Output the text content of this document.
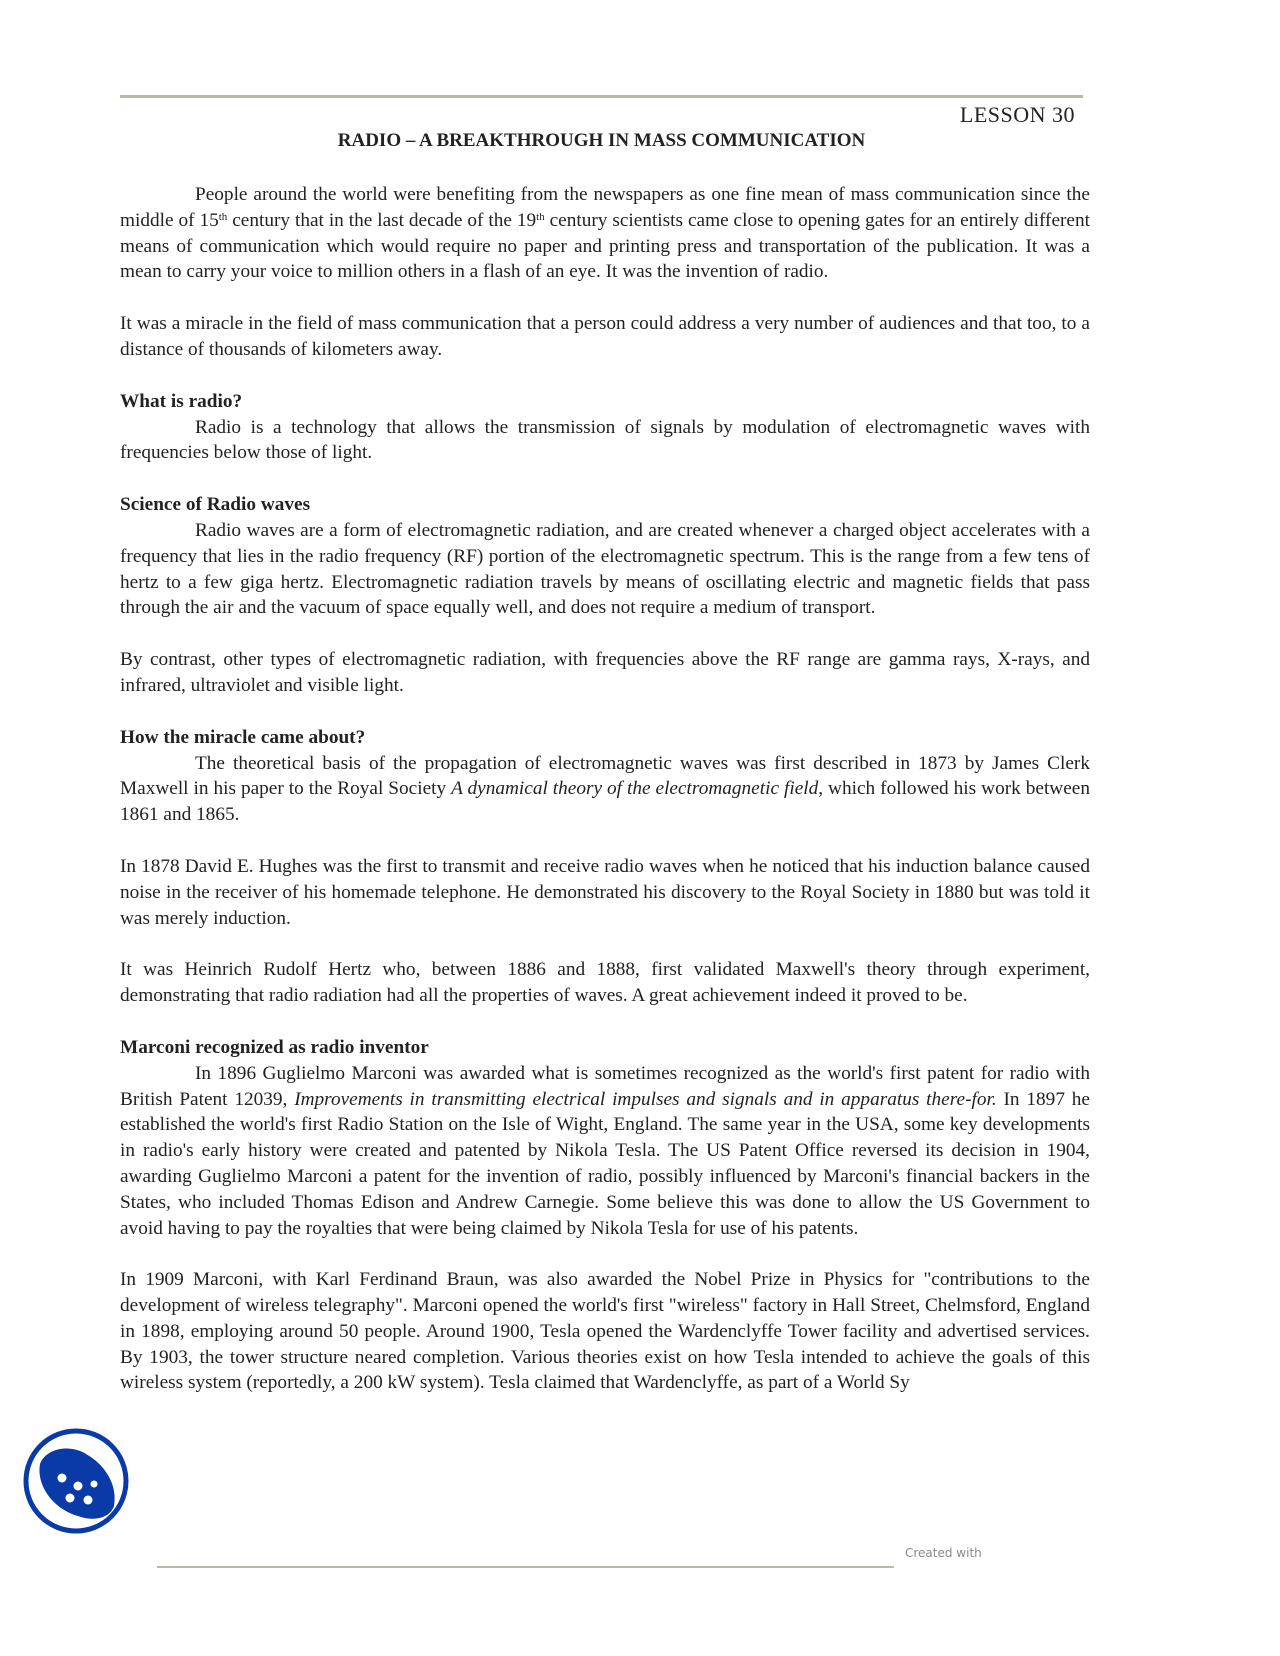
LESSON 30
RADIO – A BREAKTHROUGH IN MASS COMMUNICATION

People around the world were benefiting from the newspapers as one fine mean of mass communication since the middle of 15th century that in the last decade of the 19th century scientists came close to opening gates for an entirely different means of communication which would require no paper and printing press and transportation of the publication. It was a mean to carry your voice to million others in a flash of an eye. It was the invention of radio.

It was a miracle in the field of mass communication that a person could address a very number of audiences and that too, to a distance of thousands of kilometers away.

What is radio?

Radio is a technology that allows the transmission of signals by modulation of electromagnetic waves with frequencies below those of light.

Science of Radio waves

Radio waves are a form of electromagnetic radiation, and are created whenever a charged object accelerates with a frequency that lies in the radio frequency (RF) portion of the electromagnetic spectrum. This is the range from a few tens of hertz to a few giga hertz. Electromagnetic radiation travels by means of oscillating electric and magnetic fields that pass through the air and the vacuum of space equally well, and does not require a medium of transport.

By contrast, other types of electromagnetic radiation, with frequencies above the RF range are gamma rays, X-rays, and infrared, ultraviolet and visible light.

How the miracle came about?

The theoretical basis of the propagation of electromagnetic waves was first described in 1873 by James Clerk Maxwell in his paper to the Royal Society A dynamical theory of the electromagnetic field, which followed his work between 1861 and 1865.

In 1878 David E. Hughes was the first to transmit and receive radio waves when he noticed that his induction balance caused noise in the receiver of his homemade telephone. He demonstrated his discovery to the Royal Society in 1880 but was told it was merely induction.

It was Heinrich Rudolf Hertz who, between 1886 and 1888, first validated Maxwell's theory through experiment, demonstrating that radio radiation had all the properties of waves. A great achievement indeed it proved to be.

Marconi recognized as radio inventor

In 1896 Guglielmo Marconi was awarded what is sometimes recognized as the world's first patent for radio with British Patent 12039, Improvements in transmitting electrical impulses and signals and in apparatus there-for. In 1897 he established the world's first Radio Station on the Isle of Wight, England. The same year in the USA, some key developments in radio's early history were created and patented by Nikola Tesla. The US Patent Office reversed its decision in 1904, awarding Guglielmo Marconi a patent for the invention of radio, possibly influenced by Marconi's financial backers in the States, who included Thomas Edison and Andrew Carnegie. Some believe this was done to allow the US Government to avoid having to pay the royalties that were being claimed by Nikola Tesla for use of his patents.

In 1909 Marconi, with Karl Ferdinand Braun, was also awarded the Nobel Prize in Physics for "contributions to the development of wireless telegraphy". Marconi opened the world's first "wireless" factory in Hall Street, Chelmsford, England in 1898, employing around 50 people. Around 1900, Tesla opened the Wardenclyffe Tower facility and advertised services. By 1903, the tower structure neared completion. Various theories exist on how Tesla intended to achieve the goals of this wireless system (reportedly, a 200 kW system). Tesla claimed that Wardenclyffe, as part of a World Sy

Created with
